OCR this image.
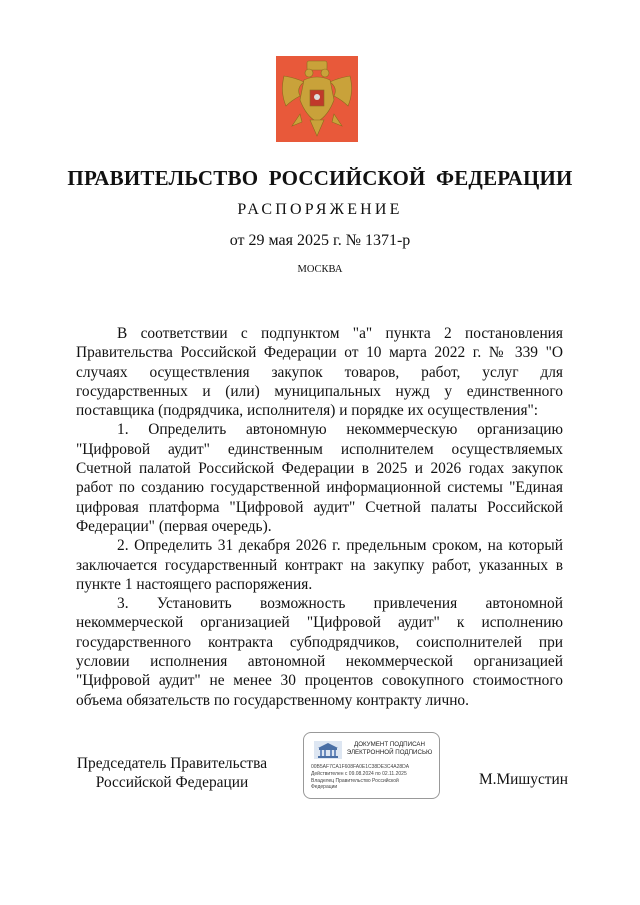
ПРАВИТЕЛЬСТВО РОССИЙСКОЙ ФЕДЕРАЦИИ
РАСПОРЯЖЕНИЕ
от 29 мая 2025 г. № 1371-р
МОСКВА

В соответствии с подпунктом "а" пункта 2 постановления Правительства Российской Федерации от 10 марта 2022 г. № 339 "О случаях осуществления закупок товаров, работ, услуг для государственных и (или) муниципальных нужд у единственного поставщика (подрядчика, исполнителя) и порядке их осуществления":

1. Определить автономную некоммерческую организацию "Цифровой аудит" единственным исполнителем осуществляемых Счетной палатой Российской Федерации в 2025 и 2026 годах закупок работ по созданию государственной информационной системы "Единая цифровая платформа "Цифровой аудит" Счетной палаты Российской Федерации" (первая очередь).

2. Определить 31 декабря 2026 г. предельным сроком, на который заключается государственный контракт на закупку работ, указанных в пункте 1 настоящего распоряжения.

3. Установить возможность привлечения автономной некоммерческой организацией "Цифровой аудит" к исполнению государственного контракта субподрядчиков, соисполнителей при условии исполнения автономной некоммерческой организацией "Цифровой аудит" не менее 30 процентов совокупного стоимостного объема обязательств по государственному контракту лично.

Председатель Правительства
Российской Федерации
ДОКУМЕНТ ПОДПИСАН
ЭЛЕКТРОННОЙ ПОДПИСЬЮ
00B5AF7CA1F608FA0E1C38DE3C4A28DA
Действителен с 09.08.2024 по 02.11.2025
Владелец Правительство Российской
Федерации	М.Мишустин
